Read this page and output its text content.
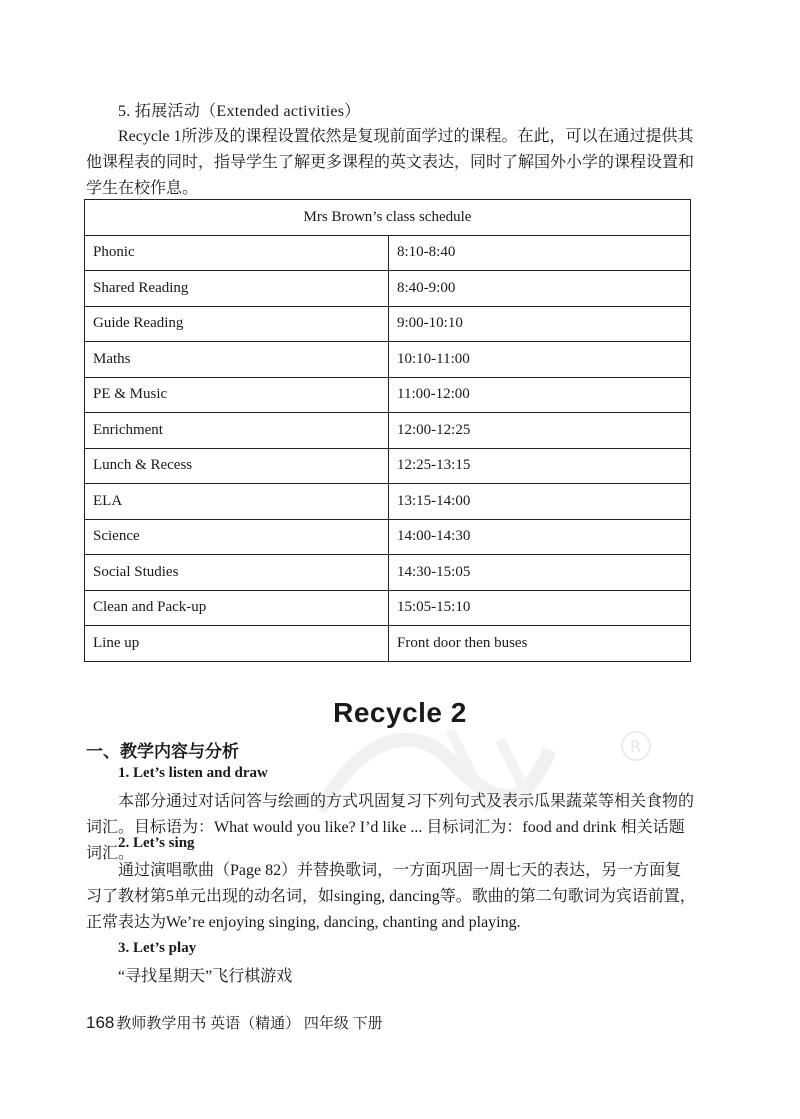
R
5. 拓展活动（Extended activities）

Recycle 1所涉及的课程设置依然是复现前面学过的课程。在此，可以在通过提供其他课程表的同时，指导学生了解更多课程的英文表达，同时了解国外小学的课程设置和学生在校作息。

Mrs Brown’s class schedule	
Phonic	8:10-8:40
Shared Reading	8:40-9:00
Guide Reading	9:00-10:10
Maths	10:10-11:00
PE & Music	11:00-12:00
Enrichment	12:00-12:25
Lunch & Recess	12:25-13:15
ELA	13:15-14:00
Science	14:00-14:30
Social Studies	14:30-15:05
Clean and Pack-up	15:05-15:10
Line up	Front door then buses
Recycle 2
一、教学内容与分析
1. Let’s listen and draw

本部分通过对话问答与绘画的方式巩固复习下列句式及表示瓜果蔬菜等相关食物的词汇。目标语为：What would you like? I’d like ... 目标词汇为：food and drink 相关话题词汇。

2. Let’s sing

通过演唱歌曲（Page 82）并替换歌词，一方面巩固一周七天的表达，另一方面复习了教材第5单元出现的动名词，如singing, dancing等。歌曲的第二句歌词为宾语前置，正常表达为We’re enjoying singing, dancing, chanting and playing.

3. Let’s play

“寻找星期天”飞行棋游戏

168 教师教学用书 英语（精通） 四年级 下册
